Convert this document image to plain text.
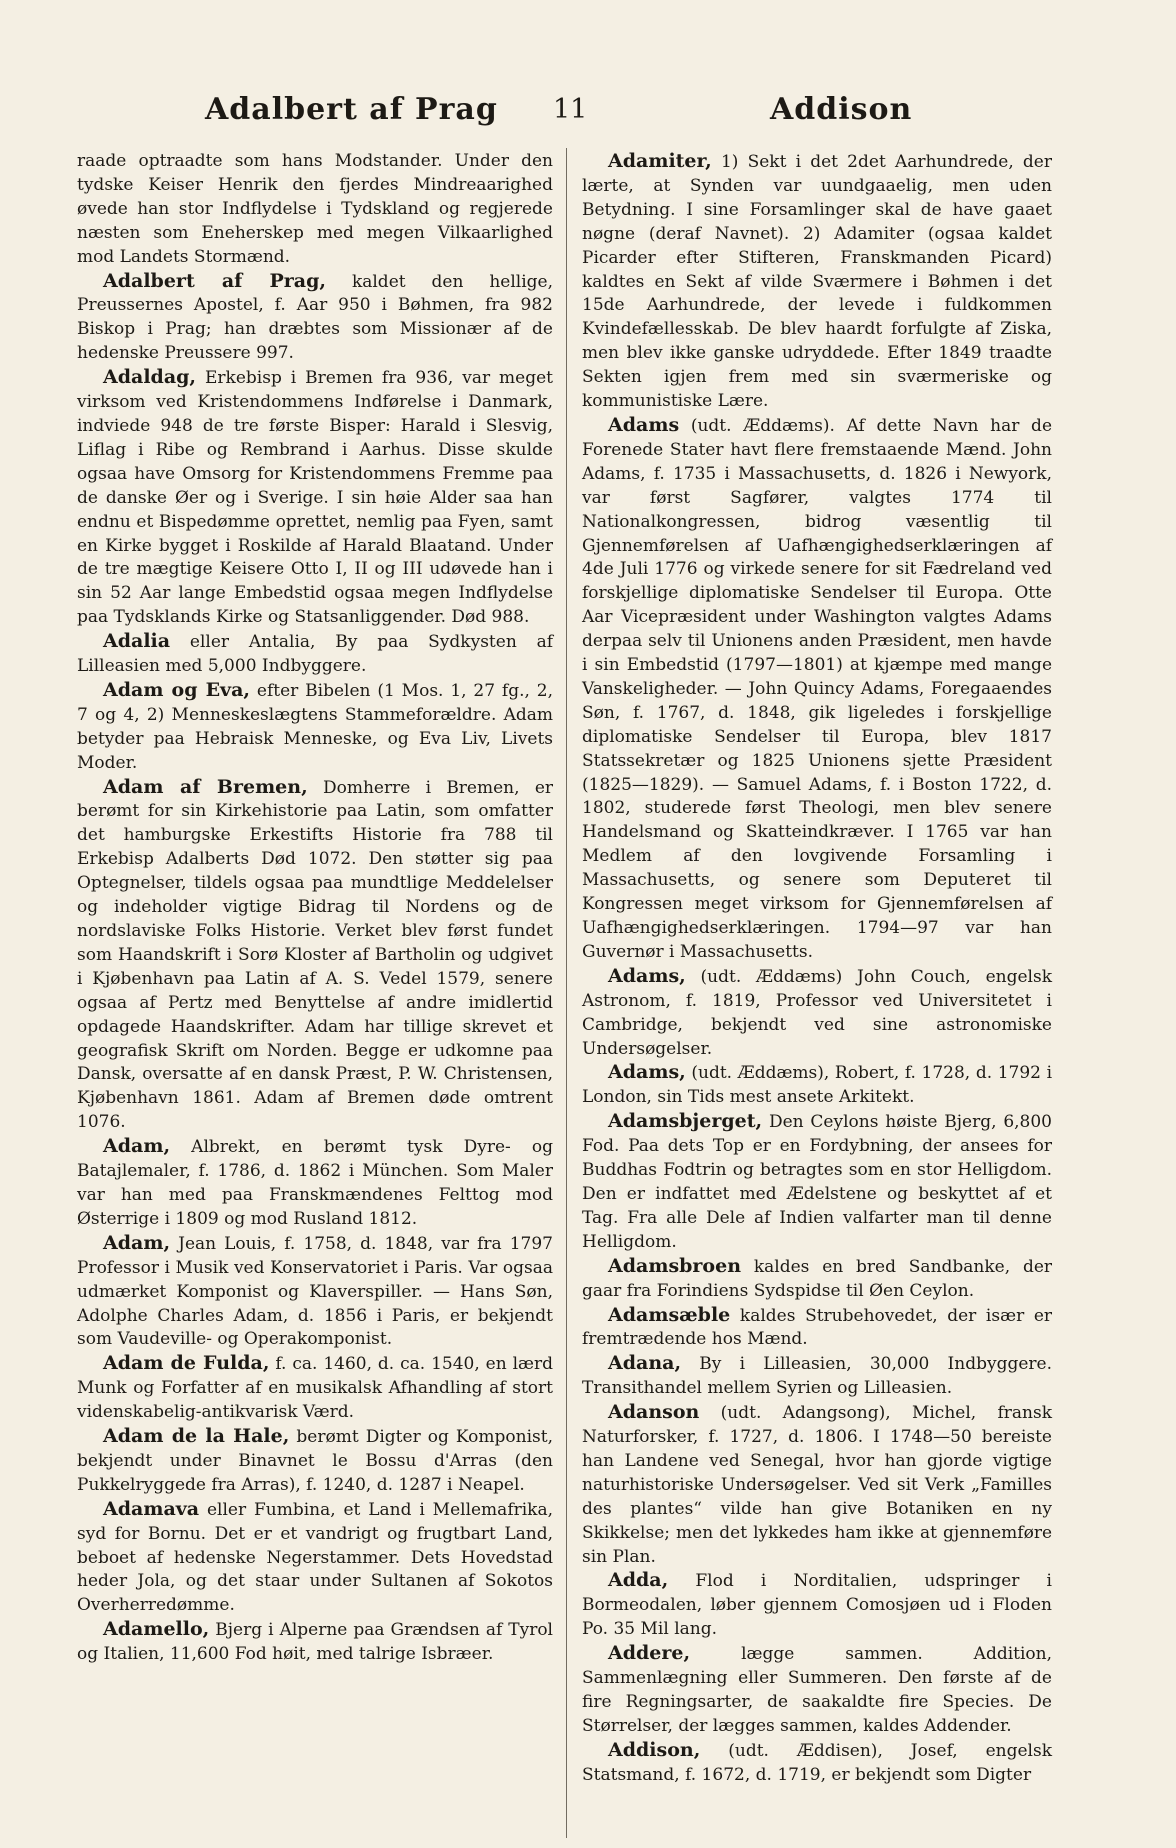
Adalbert af Prag 11	Addison

raade optraadte som hans Modstander. Under den tydske Keiser Henrik den fjerdes Mindreaarighed øvede han stor Indflydelse i Tydskland og regjerede næsten som Eneherskер med megen Vilkaarlighed mod Landets Stormænd.

Adalbert af Prag, kaldet den hellige, Preussernes Apostel, f. Aar 950 i Bøhmen, fra 982 Biskop i Prag; han dræbtes som Missionær af de hedenske Preussere 997.

Adaldag, Erkebisp i Bremen fra 936, var meget virksom ved Kristendommens Indførelse i Danmark, indviede 948 de tre første Bisper: Harald i Slesvig, Liflag i Ribe og Rembrand i Aarhus. Disse skulde ogsaa have Omsorg for Kristendommens Fremme paa de danske Øer og i Sverige. I sin høie Alder saa han endnu et Bispedømme oprettet, nemlig paa Fyen, samt en Kirke bygget i Roskilde af Harald Blaatand. Under de tre mægtige Keisere Otto I, II og III udøvede han i sin 52 Aar lange Embedstid ogsaa megen Indflydelse paa Tydsklands Kirke og Statsanliggender. Død 988.

Adalia eller Antalia, By paa Sydkysten af Lilleasien med 5,000 Indbyggere.

Adam og Eva, efter Bibelen (1 Mos. 1, 27 fg., 2, 7 og 4, 2) Menneskeslægtens Stammeforældre. Adam betyder paa Hebraisk Menneske, og Eva Liv, Livets Moder.

Adam af Bremen, Domherre i Bremen, er berømt for sin Kirkehistorie paa Latin, som omfatter det hamburgske Erkestifts Historie fra 788 til Erkebisp Adalberts Død 1072. Den støtter sig paa Optegnelser, tildels ogsaa paa mundtlige Meddelelser og indeholder vigtige Bidrag til Nordens og de nordslaviske Folks Historie. Verket blev først fundet som Haandskrift i Sorø Kloster af Bartholin og udgivet i Kjøbenhavn paa Latin af A. S. Vedel 1579, senere ogsaa af Pertz med Benyttelse af andre imidlertid opdagede Haandskrifter. Adam har tillige skrevet et geografisk Skrift om Norden. Begge er udkomne paa Dansk, oversatte af en dansk Præst, P. W. Christensen, Kjøbenhavn 1861. Adam af Bremen døde omtrent 1076.

Adam, Albrekt, en berømt tysk Dyre- og Batajlemaler, f. 1786, d. 1862 i München. Som Maler var han med paa Franskmændenes Felttog mod Østerrige i 1809 og mod Rusland 1812.

Adam, Jean Louis, f. 1758, d. 1848, var fra 1797 Professor i Musik ved Konservatoriet i Paris. Var ogsaa udmærket Komponist og Klaverspiller. — Hans Søn, Adolphe Charles Adam, d. 1856 i Paris, er bekjendt som Vaudeville- og Operakomponist.

Adam de Fulda, f. ca. 1460, d. ca. 1540, en lærd Munk og Forfatter af en musikalsk Afhandling af stort videnskabelig-antikvarisk Værd.

Adam de la Hale, berømt Digter og Komponist, bekjendt under Binavnet le Bossu d'Arras (den Pukkelryggede fra Arras), f. 1240, d. 1287 i Neapel.

Adamava eller Fumbina, et Land i Mellemafrika, syd for Bornu. Det er et vandrigt og frugtbart Land, beboet af hedenske Negerstammer. Dets Hovedstad heder Jola, og det staar under Sultanen af Sokotos Overherredømme.

Adamello, Bjerg i Alperne paa Grændsen af Tyrol og Italien, 11,600 Fod høit, med talrige Isbræer.

Adamiter, 1) Sekt i det 2det Aarhundrede, der lærte, at Synden var uundgaaelig, men uden Betydning. I sine Forsamlinger skal de have gaaet nøgne (deraf Navnet). 2) Adamiter (ogsaa kaldet Picarder efter Stifteren, Franskmanden Picard) kaldtes en Sekt af vilde Sværmere i Bøhmen i det 15de Aarhundrede, der levede i fuldkommen Kvindefællesskab. De blev haardt forfulgte af Ziska, men blev ikke ganske udryddede. Efter 1849 traadte Sekten igjen frem med sin sværmeriske og kommunistiske Lære.

Adams (udt. Æddæms). Af dette Navn har de Forenede Stater havt flere fremstaaende Mænd. John Adams, f. 1735 i Massachusetts, d. 1826 i Newyork, var først Sagfører, valgtes 1774 til Nationalkongressen, bidrog væsentlig til Gjennemførelsen af Uafhængighedserklæringen af 4de Juli 1776 og virkede senere for sit Fædreland ved forskjellige diplomatiske Sendelser til Europa. Otte Aar Vicepræsident under Washington valgtes Adams derpaa selv til Unionens anden Præsident, men havde i sin Embedstid (1797—1801) at kjæmpe med mange Vanskeligheder. — John Quincy Adams, Foregaaendes Søn, f. 1767, d. 1848, gik ligeledes i forskjellige diplomatiske Sendelser til Europa, blev 1817 Statssekretær og 1825 Unionens sjette Præsident (1825—1829). — Samuel Adams, f. i Boston 1722, d. 1802, studerede først Theologi, men blev senere Handelsmand og Skatteindkræver. I 1765 var han Medlem af den lovgivende Forsamling i Massachusetts, og senere som Deputeret til Kongressen meget virksom for Gjennemførelsen af Uafhængighedserklæringen. 1794—97 var han Guvernør i Massachusetts.

Adams, (udt. Æddæms) John Couch, engelsk Astronom, f. 1819, Professor ved Universitetet i Cambridge, bekjendt ved sine astronomiske Undersøgelser.

Adams, (udt. Æddæms), Robert, f. 1728, d. 1792 i London, sin Tids mest ansete Arkitekt.

Adamsbjerget, Den Ceylons høiste Bjerg, 6,800 Fod. Paa dets Top er en Fordybning, der ansees for Buddhas Fodtrin og betragtes som en stor Helligdom. Den er indfattet med Ædelstene og beskyttet af et Tag. Fra alle Dele af Indien valfarter man til denne Helligdom.

Adamsbroen kaldes en bred Sandbanke, der gaar fra Forindiens Sydspidse til Øen Ceylon.

Adamsæble kaldes Strubehovedet, der især er fremtrædende hos Mænd.

Adana, By i Lilleasien, 30,000 Indbyggere. Transithandel mellem Syrien og Lilleasien.

Adanson (udt. Adangsong), Michel, fransk Naturforsker, f. 1727, d. 1806. I 1748—50 bereiste han Landene ved Senegal, hvor han gjorde vigtige naturhistoriske Undersøgelser. Ved sit Verk „Familles des plantes“ vilde han give Botaniken en ny Skikkelse; men det lykkedes ham ikke at gjennemføre sin Plan.

Adda, Flod i Norditalien, udspringer i Bormeodalen, løber gjennem Comosjøen ud i Floden Po. 35 Mil lang.

Addere,	lægge sammen. Addition, Sammenlægning eller Summeren. Den første af de fire Regningsarter, de saakaldte fire Species. De Størrelser, der lægges sammen, kaldes Addender.

Addison, (udt. Æddisen), Josef, engelsk Statsmand, f. 1672, d. 1719, er bekjendt som Digter
